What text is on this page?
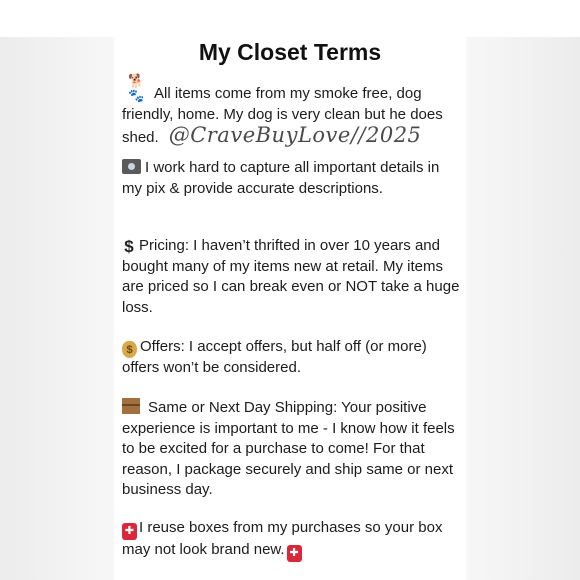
My Closet Terms

🐕🐾 All items come from my smoke free, dog friendly, home. My dog is very clean but he does shed. @CraveBuyLove//2025

I work hard to capture all important details in my pix & provide accurate descriptions.

$ Pricing: I haven’t thrifted in over 10 years and bought many of my items new at retail. My items are priced so I can break even or NOT take a huge loss.

$ Offers: I accept offers, but half off (or more) offers won’t be considered.

Same or Next Day Shipping: Your positive experience is important to me - I know how it feels to be excited for a purchase to come! For that reason, I package securely and ship same or next business day.

✚ I reuse boxes from my purchases so your box may not look brand new. ✚
